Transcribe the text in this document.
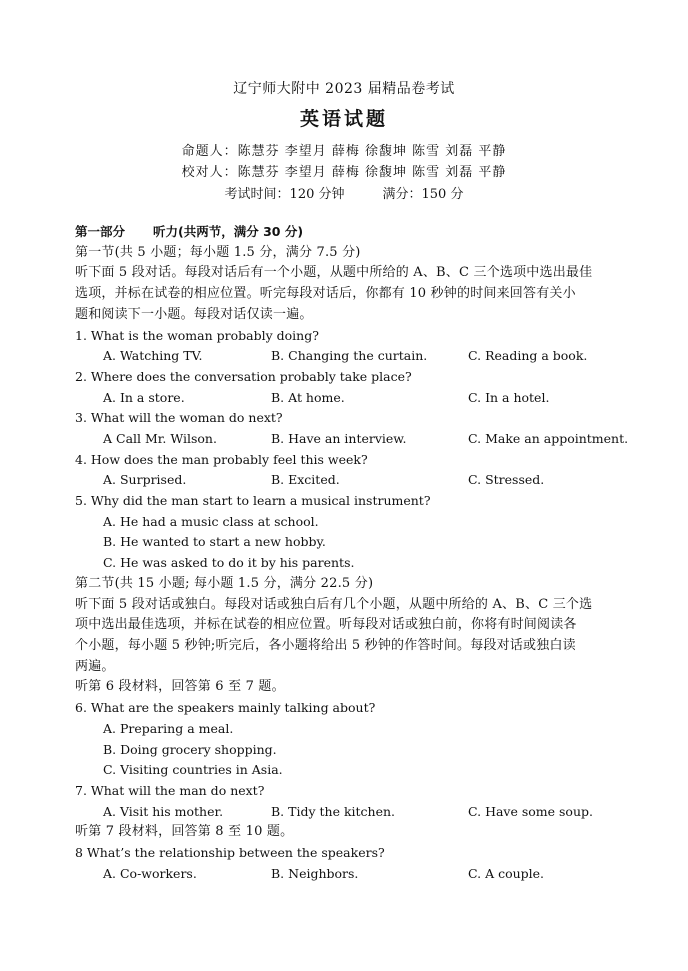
辽宁师大附中 2023 届精品卷考试
英语试题
命题人：陈慧芬 李望月 薛梅 徐馥坤 陈雪 刘磊 平静
校对人：陈慧芬 李望月 薛梅 徐馥坤 陈雪 刘磊 平静
考试时间：120 分钟	满分：150 分
第一部分 听力(共两节，满分 30 分)
第一节(共 5 小题；每小题 1.5 分，满分 7.5 分)
听下面 5 段对话。每段对话后有一个小题，从题中所给的 A、B、C 三个选项中选出最佳
选项，并标在试卷的相应位置。听完每段对话后，你都有 10 秒钟的时间来回答有关小
题和阅读下一小题。每段对话仅读一遍。
1. What is the woman probably doing?
A. Watching TV.	B. Changing the curtain.	C. Reading a book.
2. Where does the conversation probably take place?
A. In a store.	B. At home.	C. In a hotel.
3. What will the woman do next?
A Call Mr. Wilson.	B. Have an interview.	C. Make an appointment.
4. How does the man probably feel this week?
A. Surprised.	B. Excited.	C. Stressed.
5. Why did the man start to learn a musical instrument?
A. He had a music class at school.
B. He wanted to start a new hobby.
C. He was asked to do it by his parents.
第二节(共 15 小题; 每小题 1.5 分，满分 22.5 分)
听下面 5 段对话或独白。每段对话或独白后有几个小题，从题中所给的 A、B、C 三个选
项中选出最佳选项，并标在试卷的相应位置。听每段对话或独白前，你将有时间阅读各
个小题，每小题 5 秒钟;听完后，各小题将给出 5 秒钟的作答时间。每段对话或独白读
两遍。
听第 6 段材料，回答第 6 至 7 题。
6. What are the speakers mainly talking about?
A. Preparing a meal.
B. Doing grocery shopping.
C. Visiting countries in Asia.
7. What will the man do next?
A. Visit his mother.	B. Tidy the kitchen.	C. Have some soup.
听第 7 段材料，回答第 8 至 10 题。
8 What’s the relationship between the speakers?
A. Co-workers.	B. Neighbors.	C. A couple.
